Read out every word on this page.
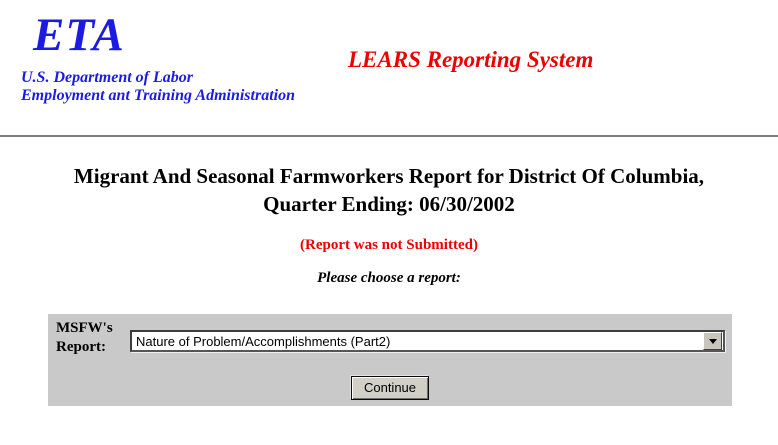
ETA
U.S. Department of Labor
Employment ant Training Administration
LEARS Reporting System
Migrant And Seasonal Farmworkers Report for District Of Columbia,
Quarter Ending: 06/30/2002
(Report was not Submitted)
Please choose a report:
MSFW's Report:	Nature of Problem/Accomplishments (Part2)
Continue
